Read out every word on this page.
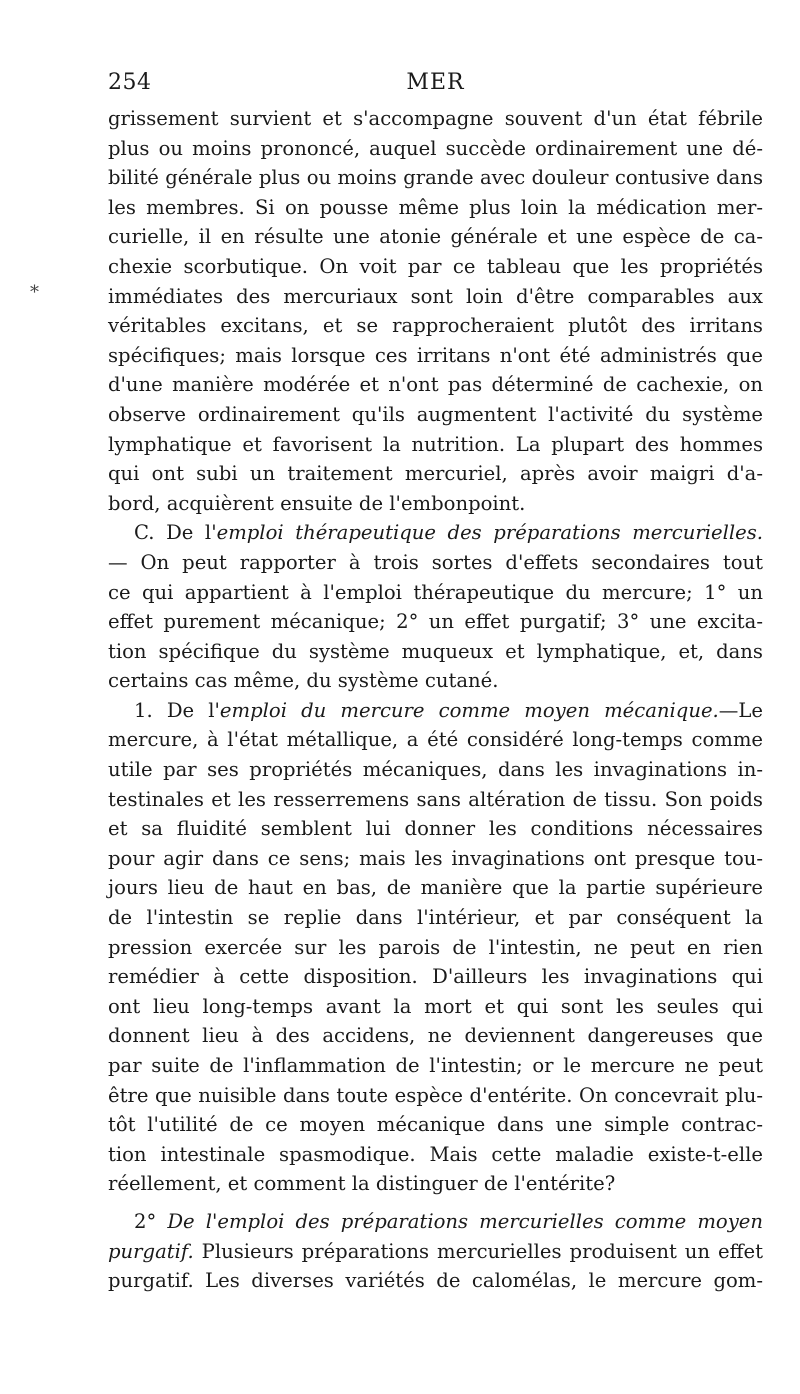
254	MER
*
grissement survient et s'accompagne souvent d'un état fébrile
plus ou moins prononcé, auquel succède ordinairement une dé-
bilité générale plus ou moins grande avec douleur contusive dans
les membres. Si on pousse même plus loin la médication mer-
curielle, il en résulte une atonie générale et une espèce de ca-
chexie scorbutique. On voit par ce tableau que les propriétés
immédiates des mercuriaux sont loin d'être comparables aux
véritables excitans, et se rapprocheraient plutôt des irritans
spécifiques; mais lorsque ces irritans n'ont été administrés que
d'une manière modérée et n'ont pas déterminé de cachexie, on
observe ordinairement qu'ils augmentent l'activité du système
lymphatique et favorisent la nutrition. La plupart des hommes
qui ont subi un traitement mercuriel, après avoir maigri d'a-
bord, acquièrent ensuite de l'embonpoint.
C. De l'emploi thérapeutique des préparations mercurielles.
— On peut rapporter à trois sortes d'effets secondaires tout
ce qui appartient à l'emploi thérapeutique du mercure; 1° un
effet purement mécanique; 2° un effet purgatif; 3° une excita-
tion spécifique du système muqueux et lymphatique, et, dans
certains cas même, du système cutané.
1. De l'emploi du mercure comme moyen mécanique.—Le
mercure, à l'état métallique, a été considéré long-temps comme
utile par ses propriétés mécaniques, dans les invaginations in-
testinales et les resserremens sans altération de tissu. Son poids
et sa fluidité semblent lui donner les conditions nécessaires
pour agir dans ce sens; mais les invaginations ont presque tou-
jours lieu de haut en bas, de manière que la partie supérieure
de l'intestin se replie dans l'intérieur, et par conséquent la
pression exercée sur les parois de l'intestin, ne peut en rien
remédier à cette disposition. D'ailleurs les invaginations qui
ont lieu long-temps avant la mort et qui sont les seules qui
donnent lieu à des accidens, ne deviennent dangereuses que
par suite de l'inflammation de l'intestin; or le mercure ne peut
être que nuisible dans toute espèce d'entérite. On concevrait plu-
tôt l'utilité de ce moyen mécanique dans une simple contrac-
tion intestinale spasmodique. Mais cette maladie existe-t-elle
réellement, et comment la distinguer de l'entérite?
2° De l'emploi des préparations mercurielles comme moyen
purgatif. Plusieurs préparations mercurielles produisent un effet
purgatif. Les diverses variétés de calomélas, le mercure gom-
